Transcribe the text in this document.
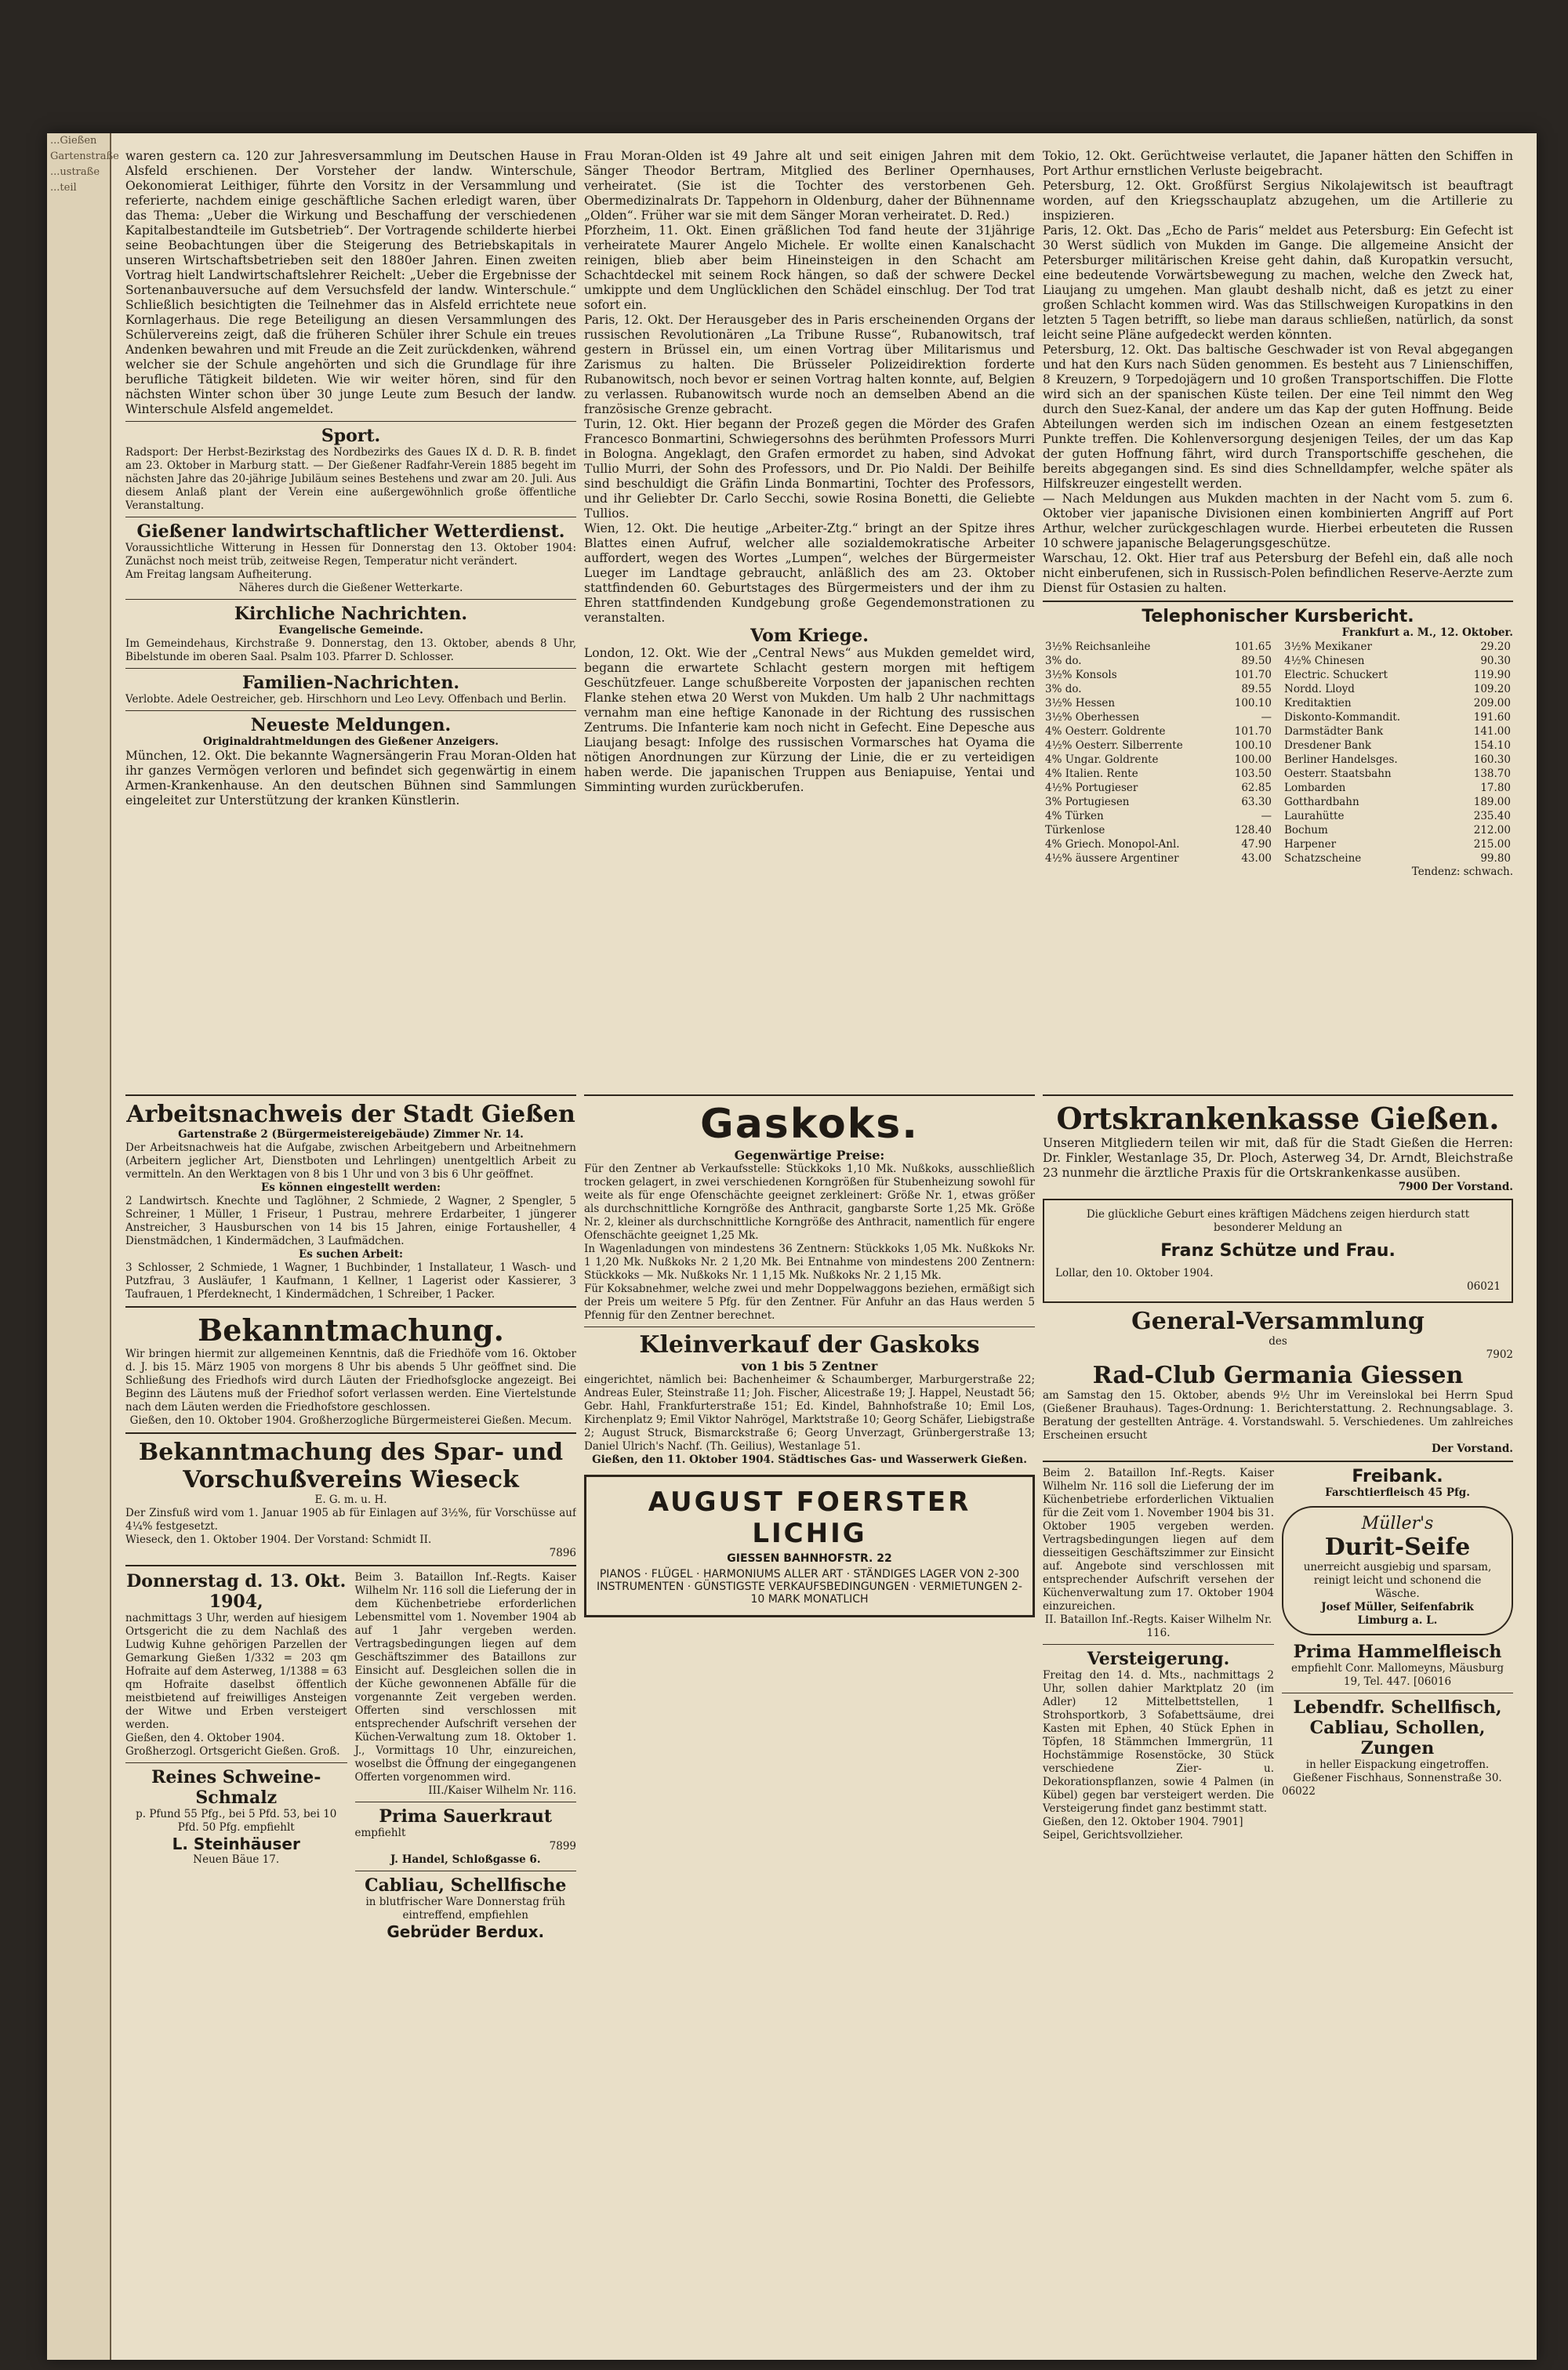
...Gießen

Gartenstraße

...ustraße

...teil

waren gestern ca. 120 zur Jahresversammlung im Deutschen Hause in Alsfeld erschienen. Der Vorsteher der landw. Winterschule, Oekonomierat Leithiger, führte den Vorsitz in der Versammlung und referierte, nachdem einige geschäftliche Sachen erledigt waren, über das Thema: „Ueber die Wirkung und Beschaffung der verschiedenen Kapitalbestandteile im Gutsbetrieb“. Der Vortragende schilderte hierbei seine Beobachtungen über die Steigerung des Betriebskapitals in unseren Wirtschaftsbetrieben seit den 1880er Jahren. Einen zweiten Vortrag hielt Landwirtschaftslehrer Reichelt: „Ueber die Ergebnisse der Sortenanbauversuche auf dem Versuchsfeld der landw. Winterschule.“ Schließlich besichtigten die Teilnehmer das in Alsfeld errichtete neue Kornlagerhaus. Die rege Beteiligung an diesen Versammlungen des Schülervereins zeigt, daß die früheren Schüler ihrer Schule ein treues Andenken bewahren und mit Freude an die Zeit zurückdenken, während welcher sie der Schule angehörten und sich die Grundlage für ihre berufliche Tätigkeit bildeten. Wie wir weiter hören, sind für den nächsten Winter schon über 30 junge Leute zum Besuch der landw. Winterschule Alsfeld angemeldet.

Sport.

Radsport: Der Herbst-Bezirkstag des Nordbezirks des Gaues IX d. D. R. B. findet am 23. Oktober in Marburg statt. — Der Gießener Radfahr-Verein 1885 begeht im nächsten Jahre das 20-jährige Jubiläum seines Bestehens und zwar am 20. Juli. Aus diesem Anlaß plant der Verein eine außergewöhnlich große öffentliche Veranstaltung.

Gießener landwirtschaftlicher Wetterdienst.

Voraussichtliche Witterung in Hessen für Donnerstag den 13. Oktober 1904: Zunächst noch meist trüb, zeitweise Regen, Temperatur nicht verändert.

Am Freitag langsam Aufheiterung.

Näheres durch die Gießener Wetterkarte.

Kirchliche Nachrichten.

Evangelische Gemeinde.

Im Gemeindehaus, Kirchstraße 9. Donnerstag, den 13. Oktober, abends 8 Uhr, Bibelstunde im oberen Saal. Psalm 103. Pfarrer D. Schlosser.

Familien-Nachrichten.

Verlobte. Adele Oestreicher, geb. Hirschhorn und Leo Levy. Offenbach und Berlin.

Neueste Meldungen.

Originaldrahtmeldungen des Gießener Anzeigers.

München, 12. Okt. Die bekannte Wagnersängerin Frau Moran-Olden hat ihr ganzes Vermögen verloren und befindet sich gegenwärtig in einem Armen-Krankenhause. An den deutschen Bühnen sind Sammlungen eingeleitet zur Unterstützung der kranken Künstlerin.

Frau Moran-Olden ist 49 Jahre alt und seit einigen Jahren mit dem Sänger Theodor Bertram, Mitglied des Berliner Opernhauses, verheiratet. (Sie ist die Tochter des verstorbenen Geh. Obermedizinalrats Dr. Tappehorn in Oldenburg, daher der Bühnenname „Olden“. Früher war sie mit dem Sänger Moran verheiratet. D. Red.)

Pforzheim, 11. Okt. Einen gräßlichen Tod fand heute der 31jährige verheiratete Maurer Angelo Michele. Er wollte einen Kanalschacht reinigen, blieb aber beim Hineinsteigen in den Schacht am Schachtdeckel mit seinem Rock hängen, so daß der schwere Deckel umkippte und dem Unglücklichen den Schädel einschlug. Der Tod trat sofort ein.

Paris, 12. Okt. Der Herausgeber des in Paris erscheinenden Organs der russischen Revolutionären „La Tribune Russe“, Rubanowitsch, traf gestern in Brüssel ein, um einen Vortrag über Militarismus und Zarismus zu halten. Die Brüsseler Polizeidirektion forderte Rubanowitsch, noch bevor er seinen Vortrag halten konnte, auf, Belgien zu verlassen. Rubanowitsch wurde noch an demselben Abend an die französische Grenze gebracht.

Turin, 12. Okt. Hier begann der Prozeß gegen die Mörder des Grafen Francesco Bonmartini, Schwiegersohns des berühmten Professors Murri in Bologna. Angeklagt, den Grafen ermordet zu haben, sind Advokat Tullio Murri, der Sohn des Professors, und Dr. Pio Naldi. Der Beihilfe sind beschuldigt die Gräfin Linda Bonmartini, Tochter des Professors, und ihr Geliebter Dr. Carlo Secchi, sowie Rosina Bonetti, die Geliebte Tullios.

Wien, 12. Okt. Die heutige „Arbeiter-Ztg.“ bringt an der Spitze ihres Blattes einen Aufruf, welcher alle sozialdemokratische Arbeiter auffordert, wegen des Wortes „Lumpen“, welches der Bürgermeister Lueger im Landtage gebraucht, anläßlich des am 23. Oktober stattfindenden 60. Geburtstages des Bürgermeisters und der ihm zu Ehren stattfindenden Kundgebung große Gegendemonstrationen zu veranstalten.

Vom Kriege.

London, 12. Okt. Wie der „Central News“ aus Mukden gemeldet wird, begann die erwartete Schlacht gestern morgen mit heftigem Geschützfeuer. Lange schußbereite Vorposten der japanischen rechten Flanke stehen etwa 20 Werst von Mukden. Um halb 2 Uhr nachmittags vernahm man eine heftige Kanonade in der Richtung des russischen Zentrums. Die Infanterie kam noch nicht in Gefecht. Eine Depesche aus Liaujang besagt: Infolge des russischen Vormarsches hat Oyama die nötigen Anordnungen zur Kürzung der Linie, die er zu verteidigen haben werde. Die japanischen Truppen aus Beniapuise, Yentai und Simminting wurden zurückberufen.

Tokio, 12. Okt. Gerüchtweise verlautet, die Japaner hätten den Schiffen in Port Arthur ernstlichen Verluste beigebracht.

Petersburg, 12. Okt. Großfürst Sergius Nikolajewitsch ist beauftragt worden, auf den Kriegsschauplatz abzugehen, um die Artillerie zu inspizieren.

Paris, 12. Okt. Das „Echo de Paris“ meldet aus Petersburg: Ein Gefecht ist 30 Werst südlich von Mukden im Gange. Die allgemeine Ansicht der Petersburger militärischen Kreise geht dahin, daß Kuropatkin versucht, eine bedeutende Vorwärtsbewegung zu machen, welche den Zweck hat, Liaujang zu umgehen. Man glaubt deshalb nicht, daß es jetzt zu einer großen Schlacht kommen wird. Was das Stillschweigen Kuropatkins in den letzten 5 Tagen betrifft, so liebe man daraus schließen, natürlich, da sonst leicht seine Pläne aufgedeckt werden könnten.

Petersburg, 12. Okt. Das baltische Geschwader ist von Reval abgegangen und hat den Kurs nach Süden genommen. Es besteht aus 7 Linienschiffen, 8 Kreuzern, 9 Torpedojägern und 10 großen Transportschiffen. Die Flotte wird sich an der spanischen Küste teilen. Der eine Teil nimmt den Weg durch den Suez-Kanal, der andere um das Kap der guten Hoffnung. Beide Abteilungen werden sich im indischen Ozean an einem festgesetzten Punkte treffen. Die Kohlenversorgung desjenigen Teiles, der um das Kap der guten Hoffnung fährt, wird durch Transportschiffe geschehen, die bereits abgegangen sind. Es sind dies Schnelldampfer, welche später als Hilfskreuzer eingestellt werden.

— Nach Meldungen aus Mukden machten in der Nacht vom 5. zum 6. Oktober vier japanische Divisionen einen kombinierten Angriff auf Port Arthur, welcher zurückgeschlagen wurde. Hierbei erbeuteten die Russen 10 schwere japanische Belagerungsgeschütze.

Warschau, 12. Okt. Hier traf aus Petersburg der Befehl ein, daß alle noch nicht einberufenen, sich in Russisch-Polen befindlichen Reserve-Aerzte zum Dienst für Ostasien zu halten.

Telephonischer Kursbericht.

Frankfurt a. M., 12. Oktober.

3½% Reichsanleihe	101.65
3% do.	89.50
3½% Konsols	101.70
3% do.	89.55
3½% Hessen	100.10
3½% Oberhessen	—
4% Oesterr. Goldrente	101.70
4½% Oesterr. Silberrente	100.10
4% Ungar. Goldrente	100.00
4% Italien. Rente	103.50
4½% Portugieser	62.85
3% Portugiesen	63.30
4% Türken	—
Türkenlose	128.40
4% Griech. Monopol-Anl.	47.90
4½% äussere Argentiner	43.00
3½% Mexikaner	29.20
4½% Chinesen	90.30
Electric. Schuckert	119.90
Nordd. Lloyd	109.20
Kreditaktien	209.00
Diskonto-Kommandit.	191.60
Darmstädter Bank	141.00
Dresdener Bank	154.10
Berliner Handelsges.	160.30
Oesterr. Staatsbahn	138.70
Lombarden	17.80
Gotthardbahn	189.00
Laurahütte	235.40
Bochum	212.00
Harpener	215.00
Schatzscheine	99.80

Tendenz: schwach.

Arbeitsnachweis der Stadt Gießen

Gartenstraße 2 (Bürgermeistereigebäude) Zimmer Nr. 14.

Der Arbeitsnachweis hat die Aufgabe, zwischen Arbeitgebern und Arbeitnehmern (Arbeitern jeglicher Art, Dienstboten und Lehrlingen) unentgeltlich Arbeit zu vermitteln. An den Werktagen von 8 bis 1 Uhr und von 3 bis 6 Uhr geöffnet.

Es können eingestellt werden:

2 Landwirtsch. Knechte und Taglöhner, 2 Schmiede, 2 Wagner, 2 Spengler, 5 Schreiner, 1 Müller, 1 Friseur, 1 Pustrau, mehrere Erdarbeiter, 1 jüngerer Anstreicher, 3 Hausburschen von 14 bis 15 Jahren, einige Fortausheller, 4 Dienstmädchen, 1 Kindermädchen, 3 Laufmädchen.

Es suchen Arbeit:

3 Schlosser, 2 Schmiede, 1 Wagner, 1 Buchbinder, 1 Installateur, 1 Wasch- und Putzfrau, 3 Ausläufer, 1 Kaufmann, 1 Kellner, 1 Lagerist oder Kassierer, 3 Taufrauen, 1 Pferdeknecht, 1 Kindermädchen, 1 Schreiber, 1 Packer.

Bekanntmachung.

Wir bringen hiermit zur allgemeinen Kenntnis, daß die Friedhöfe vom 16. Oktober d. J. bis 15. März 1905 von morgens 8 Uhr bis abends 5 Uhr geöffnet sind. Die Schließung des Friedhofs wird durch Läuten der Friedhofsglocke angezeigt. Bei Beginn des Läutens muß der Friedhof sofort verlassen werden. Eine Viertelstunde nach dem Läuten werden die Friedhofstore geschlossen.

Gießen, den 10. Oktober 1904. Großherzogliche Bürgermeisterei Gießen. Mecum.

Bekanntmachung des Spar- und Vorschußvereins Wieseck

E. G. m. u. H.

Der Zinsfuß wird vom 1. Januar 1905 ab für Einlagen auf 3½%, für Vorschüsse auf 4¼% festgesetzt.

Wieseck, den 1. Oktober 1904. Der Vorstand: Schmidt II.

7896

Donnerstag d. 13. Okt. 1904,

nachmittags 3 Uhr, werden auf hiesigem Ortsgericht die zu dem Nachlaß des Ludwig Kuhne gehörigen Parzellen der Gemarkung Gießen 1/332 = 203 qm Hofraite auf dem Asterweg, 1/1388 = 63 qm Hofraite daselbst öffentlich meistbietend auf freiwilliges Ansteigen der Witwe und Erben versteigert werden.

Gießen, den 4. Oktober 1904. Großherzogl. Ortsgericht Gießen. Groß.

Reines Schweine-Schmalz

p. Pfund 55 Pfg., bei 5 Pfd. 53, bei 10 Pfd. 50 Pfg. empfiehlt

L. Steinhäuser

Neuen Bäue 17.

Beim 3. Bataillon Inf.-Regts. Kaiser Wilhelm Nr. 116 soll die Lieferung der in dem Küchenbetriebe erforderlichen Lebensmittel vom 1. November 1904 ab auf 1 Jahr vergeben werden. Vertragsbedingungen liegen auf dem Geschäftszimmer des Bataillons zur Einsicht auf. Desgleichen sollen die in der Küche gewonnenen Abfälle für die vorgenannte Zeit vergeben werden. Offerten sind verschlossen mit entsprechender Aufschrift versehen der Küchen-Verwaltung zum 18. Oktober 1. J., Vormittags 10 Uhr, einzureichen, woselbst die Öffnung der eingegangenen Offerten vorgenommen wird.

III./Kaiser Wilhelm Nr. 116.

Prima Sauerkraut

empfiehlt

7899

J. Handel, Schloßgasse 6.

Cabliau, Schellfische

in blutfrischer Ware Donnerstag früh eintreffend, empfiehlen

Gebrüder Berdux.

Gaskoks.

Gegenwärtige Preise:

Für den Zentner ab Verkaufsstelle: Stückkoks 1,10 Mk. Nußkoks, ausschließlich trocken gelagert, in zwei verschiedenen Korngrößen für Stubenheizung sowohl für weite als für enge Ofenschächte geeignet zerkleinert: Größe Nr. 1, etwas größer als durchschnittliche Korngröße des Anthracit, gangbarste Sorte 1,25 Mk. Größe Nr. 2, kleiner als durchschnittliche Korngröße des Anthracit, namentlich für engere Ofenschächte geeignet 1,25 Mk.

In Wagenladungen von mindestens 36 Zentnern: Stückkoks 1,05 Mk. Nußkoks Nr. 1 1,20 Mk. Nußkoks Nr. 2 1,20 Mk. Bei Entnahme von mindestens 200 Zentnern: Stückkoks — Mk. Nußkoks Nr. 1 1,15 Mk. Nußkoks Nr. 2 1,15 Mk.

Für Koksabnehmer, welche zwei und mehr Doppelwaggons beziehen, ermäßigt sich der Preis um weitere 5 Pfg. für den Zentner. Für Anfuhr an das Haus werden 5 Pfennig für den Zentner berechnet.

Kleinverkauf der Gaskoks

von 1 bis 5 Zentner

eingerichtet, nämlich bei: Bachenheimer & Schaumberger, Marburgerstraße 22; Andreas Euler, Steinstraße 11; Joh. Fischer, Alicestraße 19; J. Happel, Neustadt 56; Gebr. Hahl, Frankfurterstraße 151; Ed. Kindel, Bahnhofstraße 10; Emil Los, Kirchenplatz 9; Emil Viktor Nahrögel, Marktstraße 10; Georg Schäfer, Liebigstraße 2; August Struck, Bismarckstraße 6; Georg Unverzagt, Grünbergerstraße 13; Daniel Ulrich's Nachf. (Th. Geilius), Westanlage 51.

Gießen, den 11. Oktober 1904. Städtisches Gas- und Wasserwerk Gießen.

AUGUST FOERSTER LICHIG
GIESSEN BAHNHOFSTR. 22
PIANOS · FLÜGEL · HARMONIUMS ALLER ART · STÄNDIGES LAGER VON 2-300 INSTRUMENTEN · GÜNSTIGSTE VERKAUFSBEDINGUNGEN · VERMIETUNGEN 2-10 MARK MONATLICH

Ortskrankenkasse Gießen.

Unseren Mitgliedern teilen wir mit, daß für die Stadt Gießen die Herren: Dr. Finkler, Westanlage 35, Dr. Ploch, Asterweg 34, Dr. Arndt, Bleichstraße 23 nunmehr die ärztliche Praxis für die Ortskrankenkasse ausüben.

7900 Der Vorstand.

Die glückliche Geburt eines kräftigen Mädchens zeigen hierdurch statt besonderer Meldung an

Franz Schütze und Frau.

Lollar, den 10. Oktober 1904.

06021

General-Versammlung

des

7902

Rad-Club Germania Giessen

am Samstag den 15. Oktober, abends 9½ Uhr im Vereinslokal bei Herrn Spud (Gießener Brauhaus). Tages-Ordnung: 1. Berichterstattung. 2. Rechnungsablage. 3. Beratung der gestellten Anträge. 4. Vorstandswahl. 5. Verschiedenes. Um zahlreiches Erscheinen ersucht

Der Vorstand.

Beim 2. Bataillon Inf.-Regts. Kaiser Wilhelm Nr. 116 soll die Lieferung der im Küchenbetriebe erforderlichen Viktualien für die Zeit vom 1. November 1904 bis 31. Oktober 1905 vergeben werden. Vertragsbedingungen liegen auf dem diesseitigen Geschäftszimmer zur Einsicht auf. Angebote sind verschlossen mit entsprechender Aufschrift versehen der Küchenverwaltung zum 17. Oktober 1904 einzureichen.

II. Bataillon Inf.-Regts. Kaiser Wilhelm Nr. 116.

Versteigerung.

Freitag den 14. d. Mts., nachmittags 2 Uhr, sollen dahier Marktplatz 20 (im Adler) 12 Mittelbettstellen, 1 Strohsportkorb, 3 Sofabettsäume, drei Kasten mit Ephen, 40 Stück Ephen in Töpfen, 18 Stämmchen Immergrün, 11 Hochstämmige Rosenstöcke, 30 Stück verschiedene Zier- u. Dekorationspflanzen, sowie 4 Palmen (in Kübel) gegen bar versteigert werden. Die Versteigerung findet ganz bestimmt statt.

Gießen, den 12. Oktober 1904. 7901] Seipel, Gerichtsvollzieher.

Freibank.

Farschtierfleisch 45 Pfg.

Müller's

Durit-Seife

unerreicht ausgiebig und sparsam, reinigt leicht und schonend die Wäsche.

Josef Müller, Seifenfabrik Limburg a. L.

Prima Hammelfleisch

empfiehlt Conr. Mallomeyns, Mäusburg 19, Tel. 447. [06016

Lebendfr. Schellfisch, Cabliau, Schollen, Zungen

in heller Eispackung eingetroffen. Gießener Fischhaus, Sonnenstraße 30.

06022
